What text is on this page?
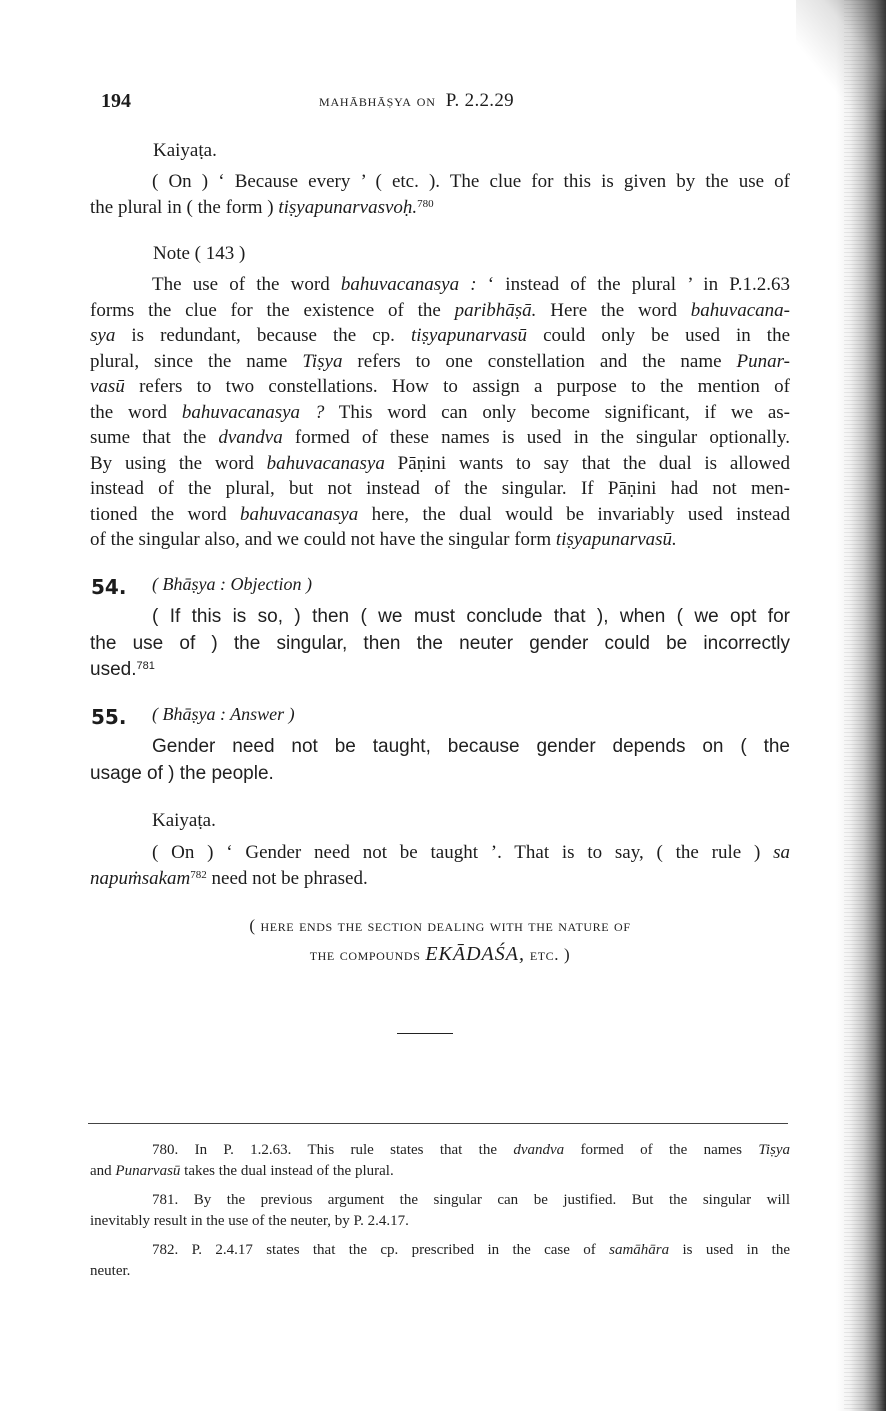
194	mahābhāṣya on P. 2.2.29
Kaiyaṭa.
( On ) ‘ Because every ’ ( etc. ). The clue for this is given by the use of
the plural in ( the form ) tiṣyapunarvasvoḥ.$^{780}$
Note ( 143 )
The use of the word bahuvacanasya : ‘ instead of the plural ’ in P.1.2.63
forms the clue for the existence of the paribhāṣā. Here the word bahuvacana-
sya is redundant, because the cp. tiṣyapunarvasū could only be used in the
plural, since the name Tiṣya refers to one constellation and the name Punar-
vasū refers to two constellations. How to assign a purpose to the mention of
the word bahuvacanasya ? This word can only become significant, if we as-
sume that the dvandva formed of these names is used in the singular optionally.
By using the word bahuvacanasya Pāṇini wants to say that the dual is allowed
instead of the plural, but not instead of the singular. If Pāṇini had not men-
tioned the word bahuvacanasya here, the dual would be invariably used instead
of the singular also, and we could not have the singular form tiṣyapunarvasū.
54. ( Bhāṣya : Objection )
( If this is so, ) then ( we must conclude that ), when ( we opt for
the use of ) the singular, then the neuter gender could be incorrectly
used.$^{781}$
55. ( Bhāṣya : Answer )
Gender need not be taught, because gender depends on ( the
usage of ) the people.
Kaiyaṭa.
( On ) ‘ Gender need not be taught ’. That is to say, ( the rule ) sa
napuṁsakam$^{782}$ need not be phrased.
( here ends the section dealing with the nature of
the compounds EKĀDAŚA, etc. )
780. In P. 1.2.63. This rule states that the dvandva formed of the names Tiṣya
and Punarvasū takes the dual instead of the plural.
781. By the previous argument the singular can be justified. But the singular will
inevitably result in the use of the neuter, by P. 2.4.17.
782. P. 2.4.17 states that the cp. prescribed in the case of samāhāra is used in the
neuter.
